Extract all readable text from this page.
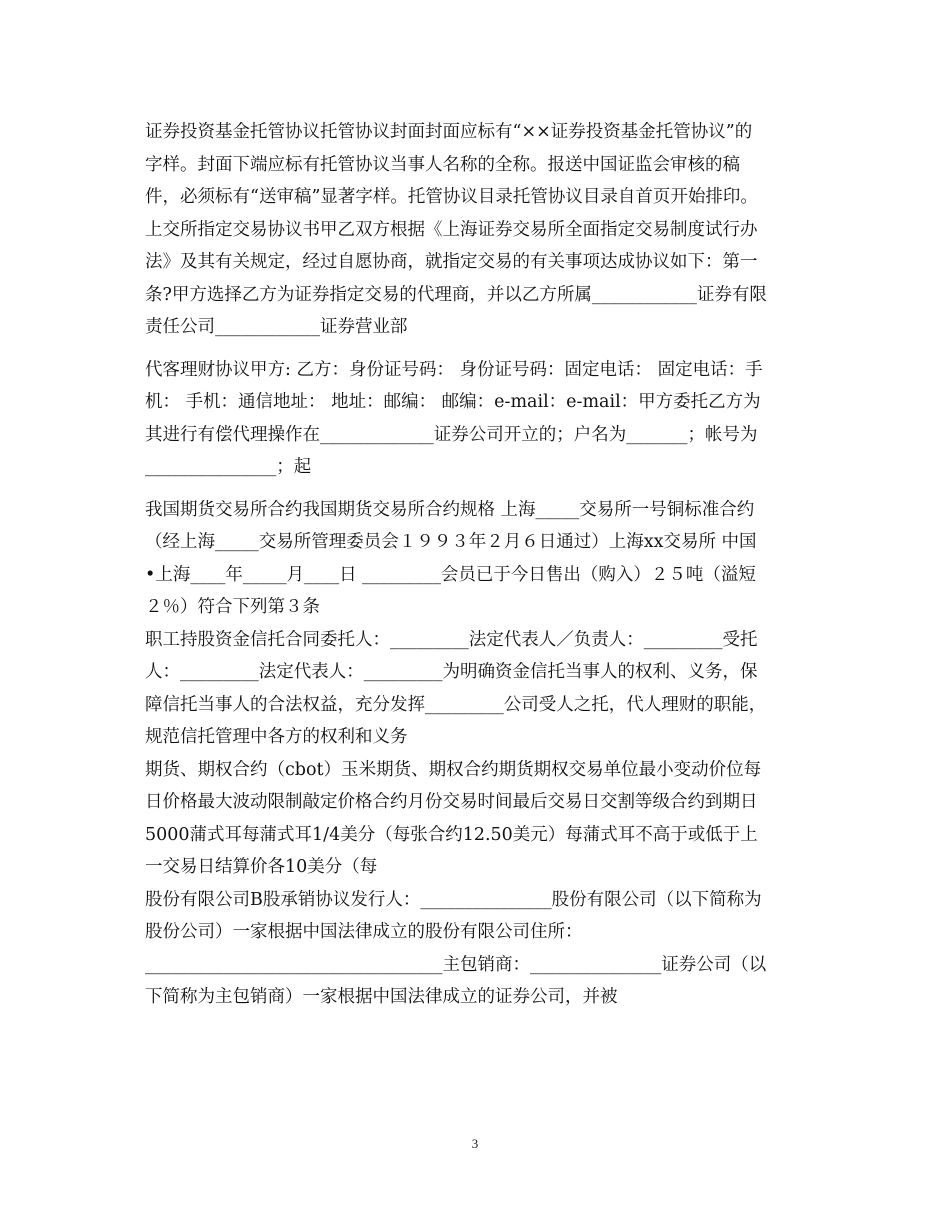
证券投资基金托管协议托管协议封面封面应标有“××证券投资基金托管协议”的
字样。封面下端应标有托管协议当事人名称的全称。报送中国证监会审核的稿
件，必须标有“送审稿”显著字样。托管协议目录托管协议目录自首页开始排印。
上交所指定交易协议书甲乙双方根据《上海证券交易所全面指定交易制度试行办
法》及其有关规定，经过自愿协商，就指定交易的有关事项达成协议如下：第一
条?甲方选择乙方为证券指定交易的代理商，并以乙方所属____________证券有限
责任公司____________证券营业部
代客理财协议甲方: 乙方：身份证号码： 身份证号码：固定电话： 固定电话：手
机： 手机：通信地址： 地址：邮编： 邮编：e-mail：e-mail：甲方委托乙方为
其进行有偿代理操作在_____________证券公司开立的；户名为_______；帐号为
_______________；起
我国期货交易所合约我国期货交易所合约规格 上海_____交易所一号铜标准合约
（经上海_____交易所管理委员会１９９３年２月６日通过）上海xx交易所 中国
•上海____年_____月____日 _________会员已于今日售出（购入）２５吨（溢短
２％）符合下列第３条
职工持股资金信托合同委托人：_________法定代表人／负责人：_________受托
人：_________法定代表人：_________为明确资金信托当事人的权利、义务，保
障信托当事人的合法权益，充分发挥_________公司受人之托，代人理财的职能，
规范信托管理中各方的权利和义务
期货、期权合约（cbot）玉米期货、期权合约期货期权交易单位最小变动价位每
日价格最大波动限制敲定价格合约月份交易时间最后交易日交割等级合约到期日
5000蒲式耳每蒲式耳1/4美分（每张合约12.50美元）每蒲式耳不高于或低于上
一交易日结算价各10美分（每
股份有限公司B股承销协议发行人：_______________股份有限公司（以下简称为
股份公司）一家根据中国法律成立的股份有限公司住所：
__________________________________主包销商：_______________证券公司（以
下简称为主包销商）一家根据中国法律成立的证券公司，并被
3
